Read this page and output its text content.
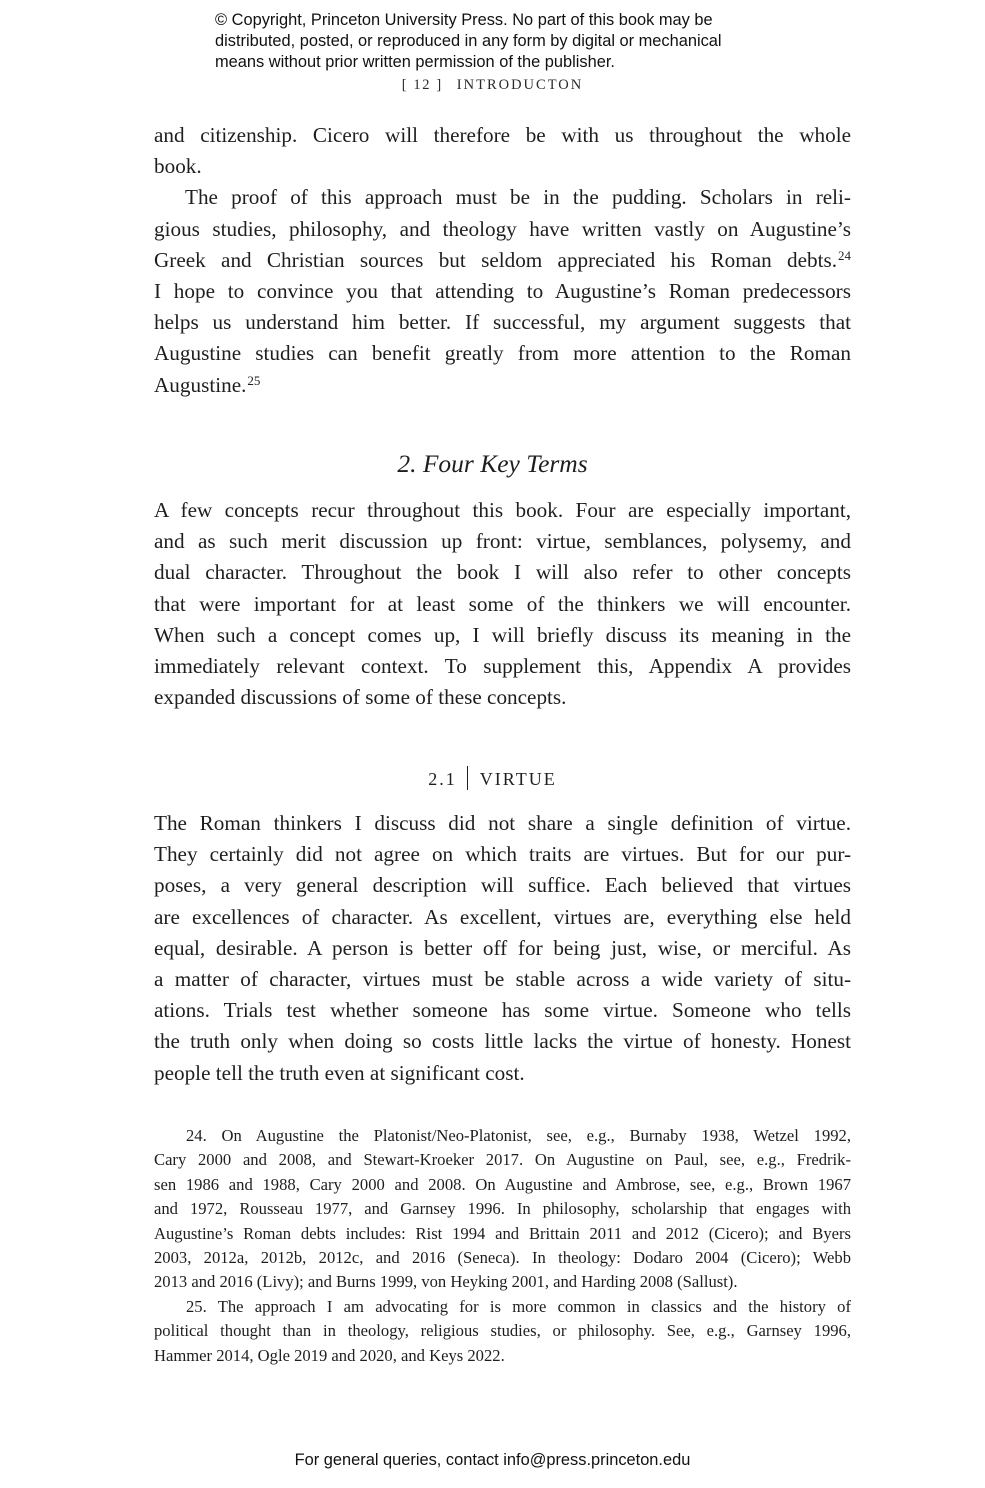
© Copyright, Princeton University Press. No part of this book may be
distributed, posted, or reproduced in any form by digital or mechanical
means without prior written permission of the publisher.
[ 12 ] INTRODUCTON
and citizenship. Cicero will therefore be with us throughout the whole
book.
The proof of this approach must be in the pudding. Scholars in reli-
gious studies, philosophy, and theology have written vastly on Augustine’s
Greek and Christian sources but seldom appreciated his Roman debts.$^{24}$
I hope to convince you that attending to Augustine’s Roman predecessors
helps us understand him better. If successful, my argument suggests that
Augustine studies can benefit greatly from more attention to the Roman
Augustine.$^{25}$
2. Four Key Terms
A few concepts recur throughout this book. Four are especially important,
and as such merit discussion up front: virtue, semblances, polysemy, and
dual character. Throughout the book I will also refer to other concepts
that were important for at least some of the thinkers we will encounter.
When such a concept comes up, I will briefly discuss its meaning in the
immediately relevant context. To supplement this, Appendix A provides
expanded discussions of some of these concepts.
2.1 VIRTUE
The Roman thinkers I discuss did not share a single definition of virtue.
They certainly did not agree on which traits are virtues. But for our pur-
poses, a very general description will suffice. Each believed that virtues
are excellences of character. As excellent, virtues are, everything else held
equal, desirable. A person is better off for being just, wise, or merciful. As
a matter of character, virtues must be stable across a wide variety of situ-
ations. Trials test whether someone has some virtue. Someone who tells
the truth only when doing so costs little lacks the virtue of honesty. Honest
people tell the truth even at significant cost.
24. On Augustine the Platonist/Neo-Platonist, see, e.g., Burnaby 1938, Wetzel 1992,
Cary 2000 and 2008, and Stewart-Kroeker 2017. On Augustine on Paul, see, e.g., Fredrik-
sen 1986 and 1988, Cary 2000 and 2008. On Augustine and Ambrose, see, e.g., Brown 1967
and 1972, Rousseau 1977, and Garnsey 1996. In philosophy, scholarship that engages with
Augustine’s Roman debts includes: Rist 1994 and Brittain 2011 and 2012 (Cicero); and Byers
2003, 2012a, 2012b, 2012c, and 2016 (Seneca). In theology: Dodaro 2004 (Cicero); Webb
2013 and 2016 (Livy); and Burns 1999, von Heyking 2001, and Harding 2008 (Sallust).
25. The approach I am advocating for is more common in classics and the history of
political thought than in theology, religious studies, or philosophy. See, e.g., Garnsey 1996,
Hammer 2014, Ogle 2019 and 2020, and Keys 2022.
For general queries, contact info@press.princeton.edu
